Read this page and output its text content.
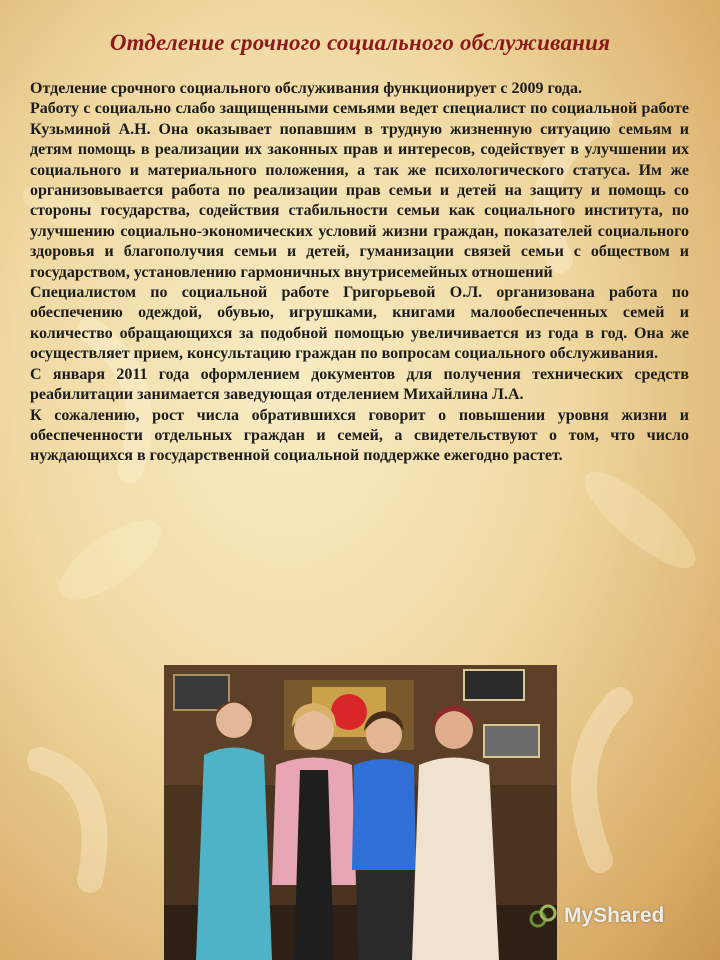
Отделение срочного социального обслуживания

Отделение срочного социального обслуживания функционирует с 2009 года.

Работу с социально слабо защищенными семьями ведет специалист по социальной работе Кузьминой А.Н. Она оказывает попавшим в трудную жизненную ситуацию семьям и детям помощь в реализации их законных прав и интересов, содействует в улучшении их социального и материального положения, а так же психологического статуса. Им же организовывается работа по реализации прав семьи и детей на защиту и помощь со стороны государства, содействия стабильности семьи как социального института, по улучшению социально-экономических условий жизни граждан, показателей социального здоровья и благополучия семьи и детей, гуманизации связей семьи с обществом и государством, установлению гармоничных внутрисемейных отношений

Специалистом по социальной работе Григорьевой О.Л. организована работа по обеспечению одеждой, обувью, игрушками, книгами малообеспеченных семей и количество обращающихся за подобной помощью увеличивается из года в год. Она же осуществляет прием, консультацию граждан по вопросам социального обслуживания.

С января 2011 года оформлением документов для получения технических средств реабилитации занимается заведующая отделением Михайлина Л.А.

К сожалению, рост числа обратившихся говорит о повышении уровня жизни и обеспеченности отдельных граждан и семей, а свидетельствуют о том, что число нуждающихся в государственной социальной поддержке ежегодно растет.

MyShared
